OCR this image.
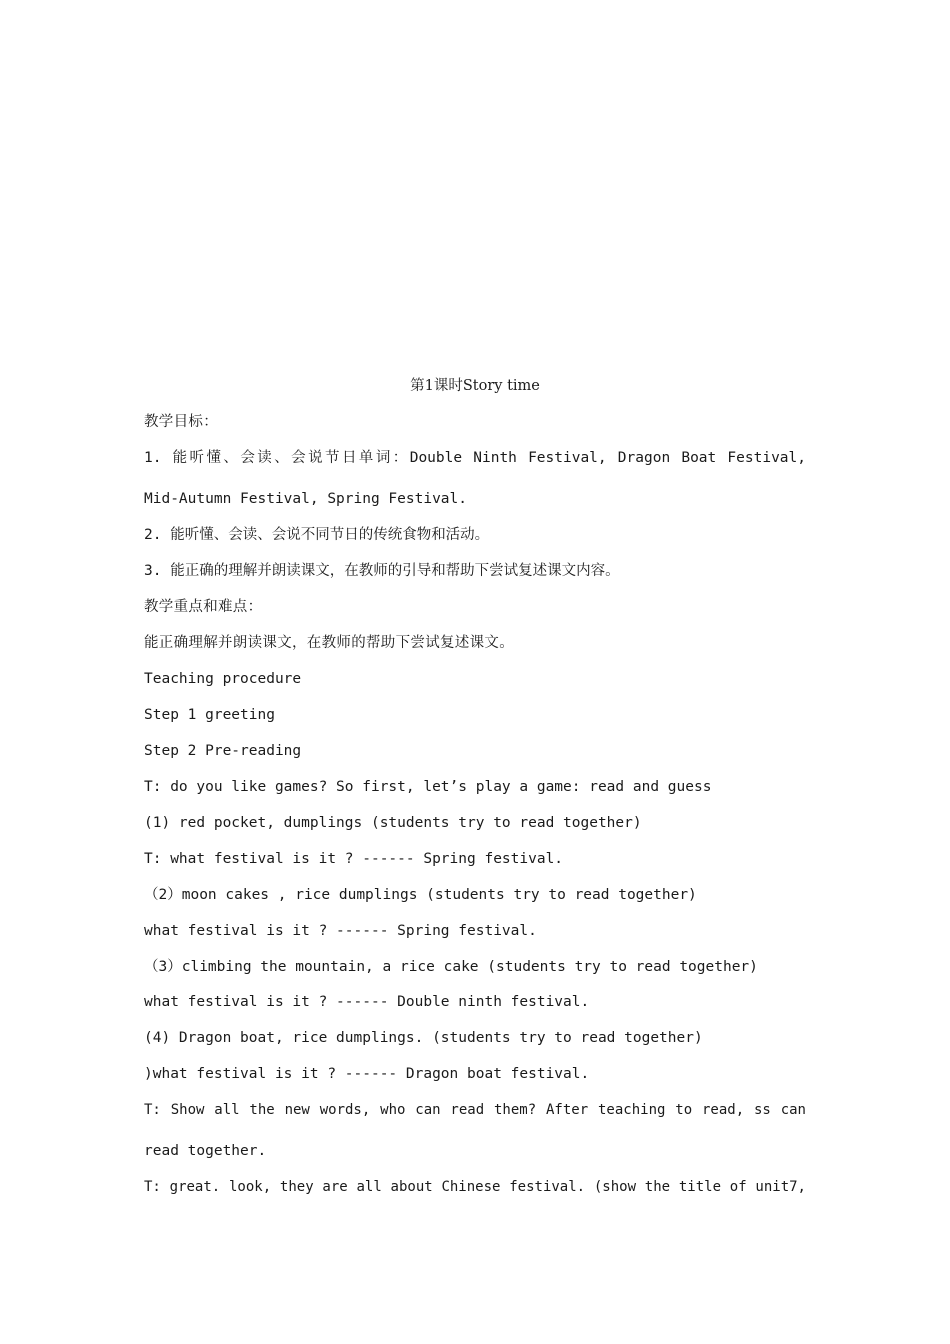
第1课时Story time
教学目标：
1. 能听懂、会读、会说节日单词：Double Ninth Festival, Dragon Boat Festival,
Mid-Autumn Festival, Spring Festival.
2. 能听懂、会读、会说不同节日的传统食物和活动。
3. 能正确的理解并朗读课文，在教师的引导和帮助下尝试复述课文内容。
教学重点和难点：
能正确理解并朗读课文，在教师的帮助下尝试复述课文。
Teaching procedure
Step 1 greeting
Step 2 Pre-reading
T: do you like games? So first, let’s play a game: read and guess
(1) red pocket, dumplings (students try to read together)
T: what festival is it ? ------ Spring festival.
（2）moon cakes , rice dumplings (students try to read together)
what festival is it ? ------ Spring festival.
（3）climbing the mountain, a rice cake (students try to read together)
what festival is it ? ------ Double ninth festival.
(4) Dragon boat, rice dumplings. (students try to read together)
)what festival is it ? ------ Dragon boat festival.
T: Show all the new words, who can read them? After teaching to read, ss can
read together.
T: great. look, they are all about Chinese festival. (show the title of unit7,
